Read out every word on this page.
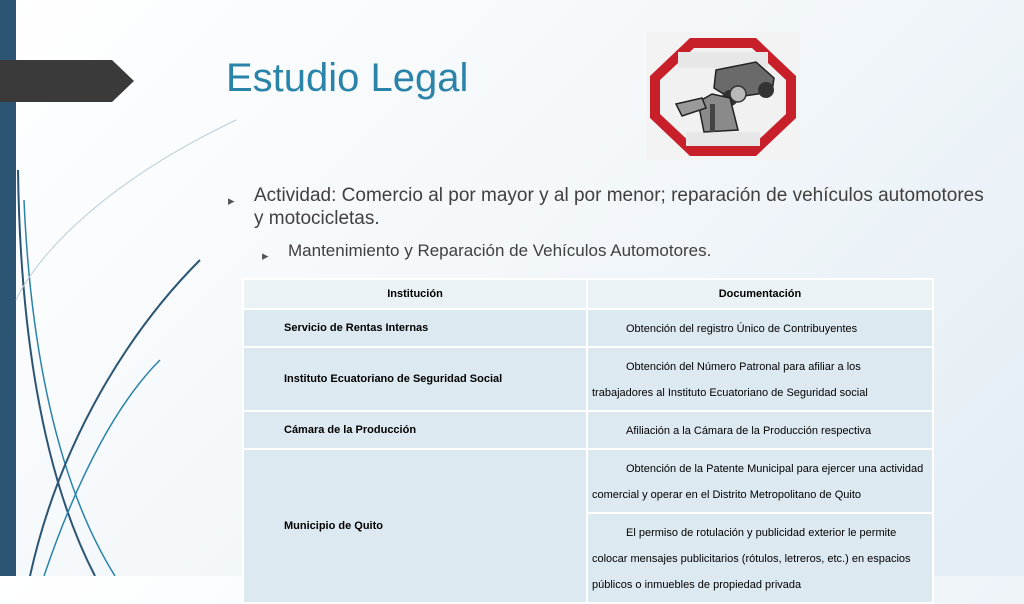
Estudio Legal
▸	Actividad: Comercio al por mayor y al por menor; reparación de vehículos automotores y motocicletas.
▸	Mantenimiento y Reparación de Vehículos Automotores.
Institución	Documentación
Servicio de Rentas Internas	Obtención del registro Único de Contribuyentes
Instituto Ecuatoriano de Seguridad Social	Obtención del Número Patronal para afiliar a los trabajadores al Instituto Ecuatoriano de Seguridad social
Cámara de la Producción	Afiliación a la Cámara de la Producción respectiva
Municipio de Quito	Obtención de la Patente Municipal para ejercer una actividad comercial y operar en el Distrito Metropolitano de Quito
	El permiso de rotulación y publicidad exterior le permite colocar mensajes publicitarios (rótulos, letreros, etc.) en espacios públicos o inmuebles de propiedad privada
